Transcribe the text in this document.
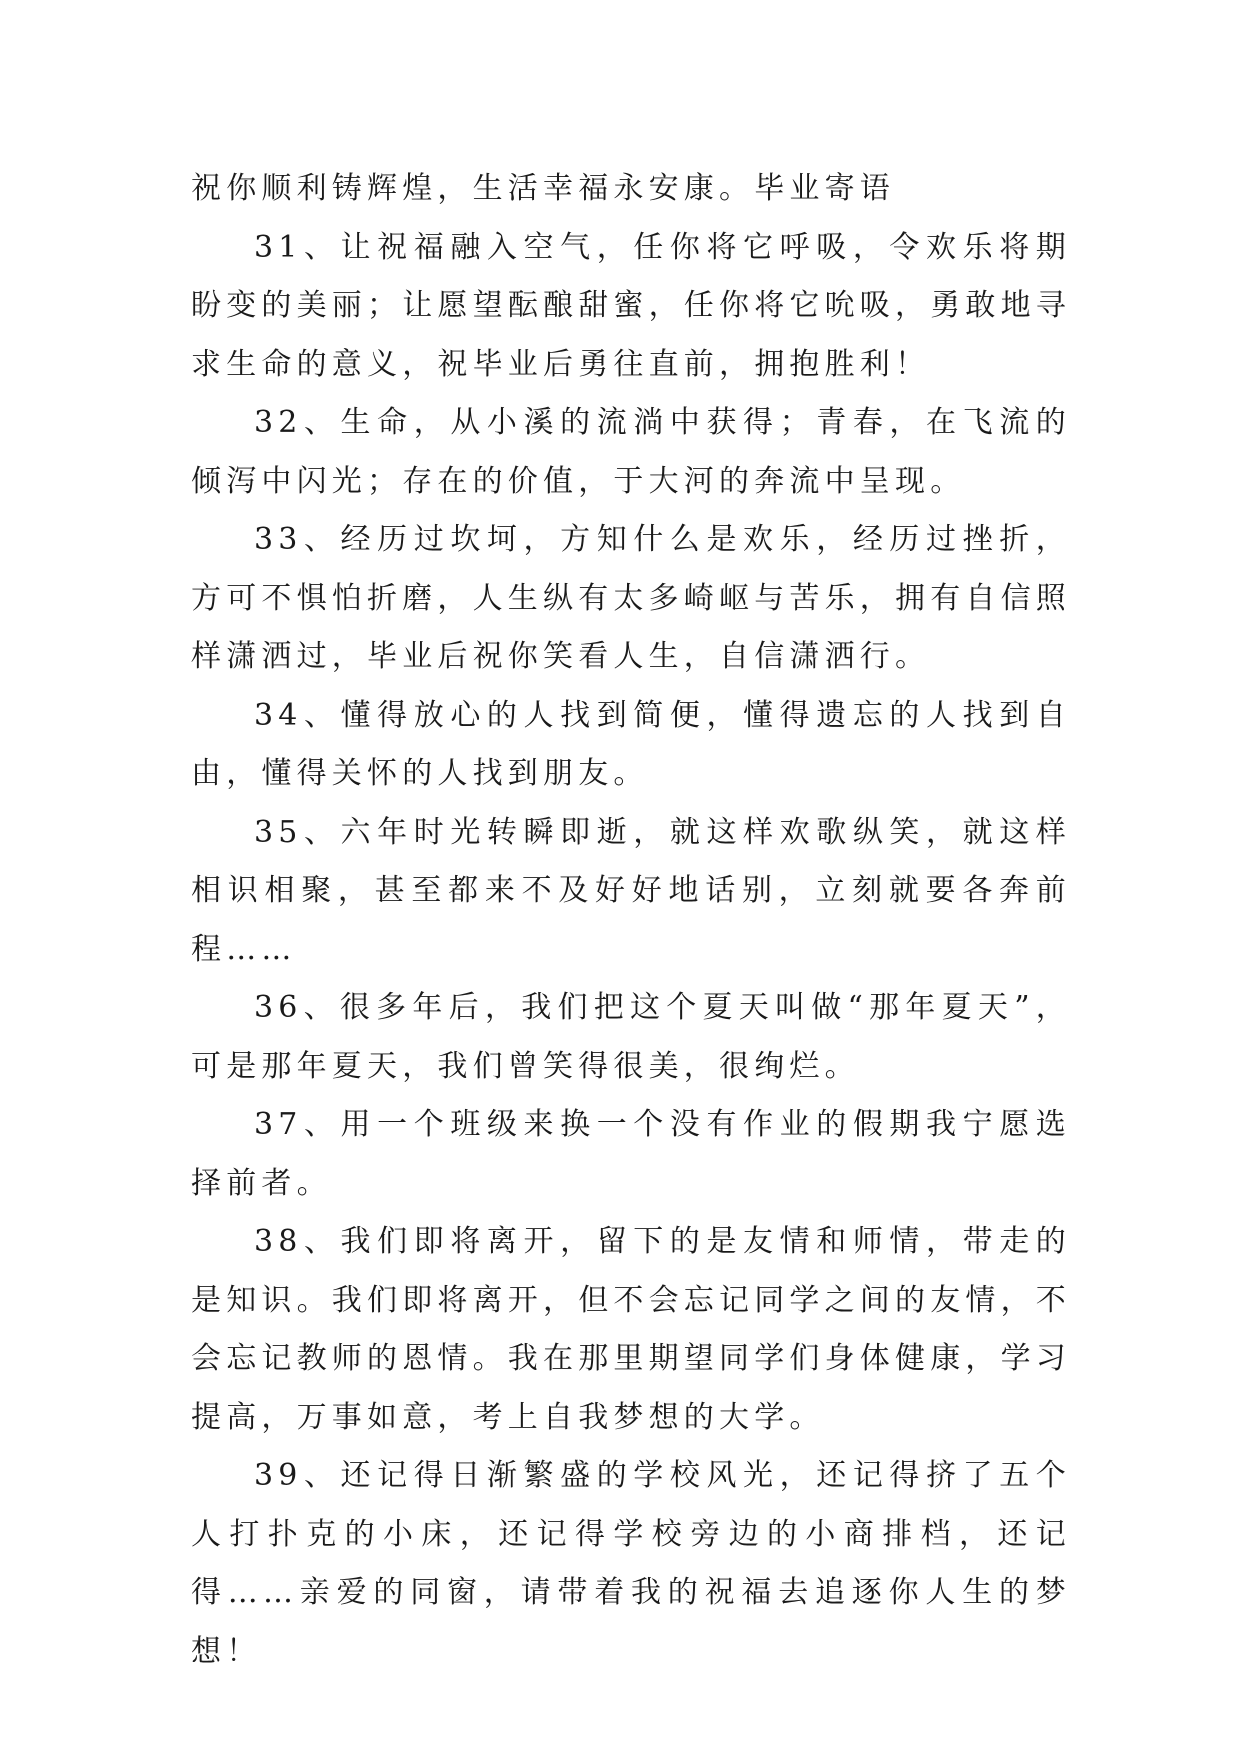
祝你顺利铸辉煌，生活幸福永安康。毕业寄语

31、让祝福融入空气，任你将它呼吸，令欢乐将期盼变的美丽；让愿望酝酿甜蜜，任你将它吮吸，勇敢地寻求生命的意义，祝毕业后勇往直前，拥抱胜利！

32、生命，从小溪的流淌中获得；青春，在飞流的倾泻中闪光；存在的价值，于大河的奔流中呈现。

33、经历过坎坷，方知什么是欢乐，经历过挫折，方可不惧怕折磨，人生纵有太多崎岖与苦乐，拥有自信照样潇洒过，毕业后祝你笑看人生，自信潇洒行。

34、懂得放心的人找到简便，懂得遗忘的人找到自由，懂得关怀的人找到朋友。

35、六年时光转瞬即逝，就这样欢歌纵笑，就这样相识相聚，甚至都来不及好好地话别，立刻就要各奔前程……

36、很多年后，我们把这个夏天叫做“那年夏天”，可是那年夏天，我们曾笑得很美，很绚烂。

37、用一个班级来换一个没有作业的假期我宁愿选择前者。

38、我们即将离开，留下的是友情和师情，带走的是知识。我们即将离开，但不会忘记同学之间的友情，不会忘记教师的恩情。我在那里期望同学们身体健康，学习提高，万事如意，考上自我梦想的大学。

39、还记得日渐繁盛的学校风光，还记得挤了五个人打扑克的小床，还记得学校旁边的小商排档，还记得……亲爱的同窗，请带着我的祝福去追逐你人生的梦想！
